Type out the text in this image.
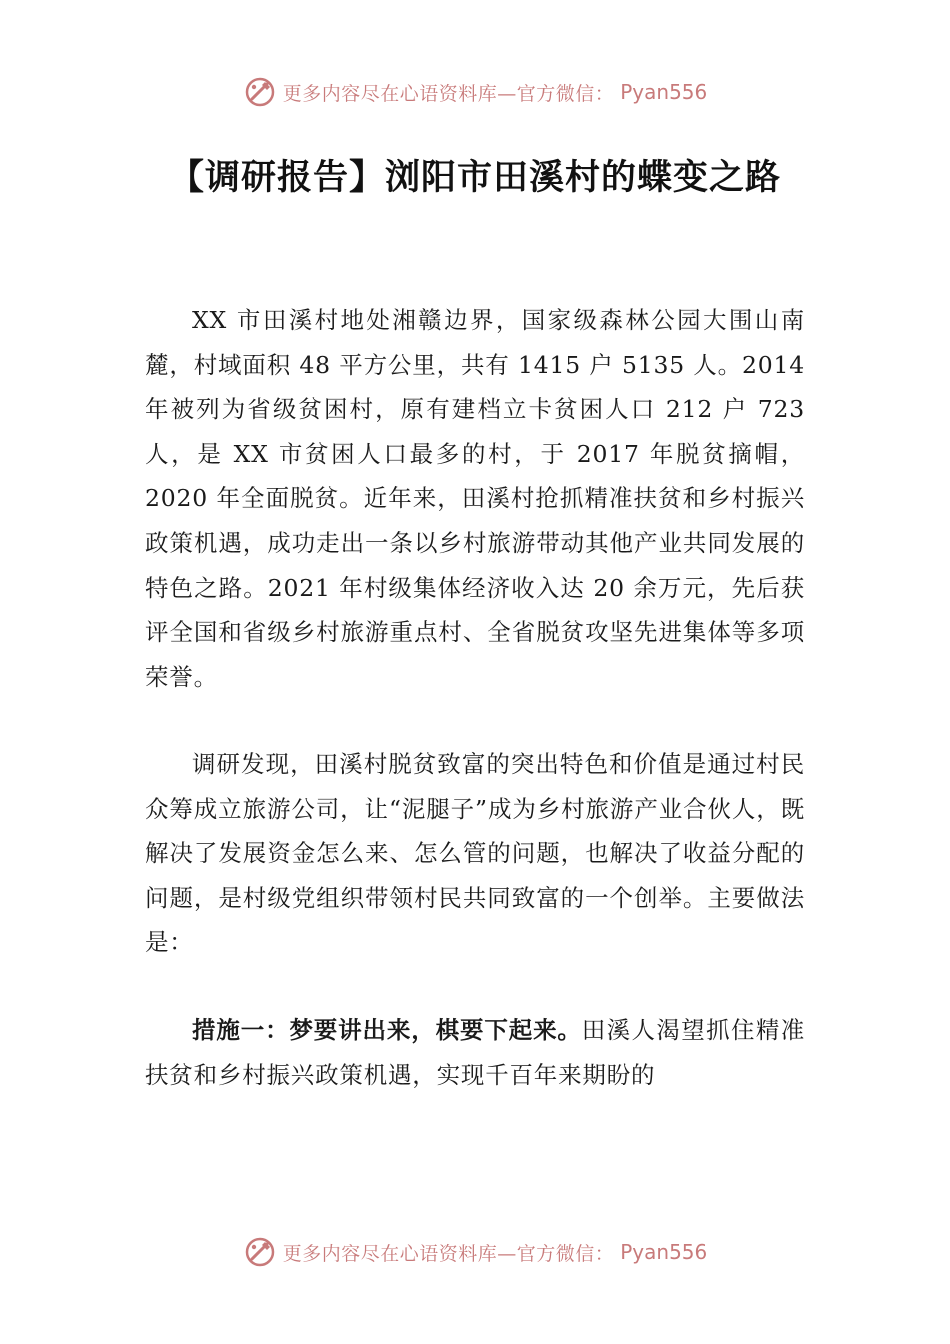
更多内容尽在心语资料库—官方微信： Pyan556
【调研报告】浏阳市田溪村的蝶变之路

XX 市田溪村地处湘赣边界，国家级森林公园大围山南麓，村域面积 48 平方公里，共有 1415 户 5135 人。2014 年被列为省级贫困村，原有建档立卡贫困人口 212 户 723 人，是 XX 市贫困人口最多的村，于 2017 年脱贫摘帽，2020 年全面脱贫。近年来，田溪村抢抓精准扶贫和乡村振兴政策机遇，成功走出一条以乡村旅游带动其他产业共同发展的特色之路。2021 年村级集体经济收入达 20 余万元，先后获评全国和省级乡村旅游重点村、全省脱贫攻坚先进集体等多项荣誉。

调研发现，田溪村脱贫致富的突出特色和价值是通过村民众筹成立旅游公司，让“泥腿子”成为乡村旅游产业合伙人，既解决了发展资金怎么来、怎么管的问题，也解决了收益分配的问题，是村级党组织带领村民共同致富的一个创举。主要做法是：

措施一：梦要讲出来，棋要下起来。田溪人渴望抓住精准扶贫和乡村振兴政策机遇，实现千百年来期盼的

更多内容尽在心语资料库—官方微信： Pyan556
